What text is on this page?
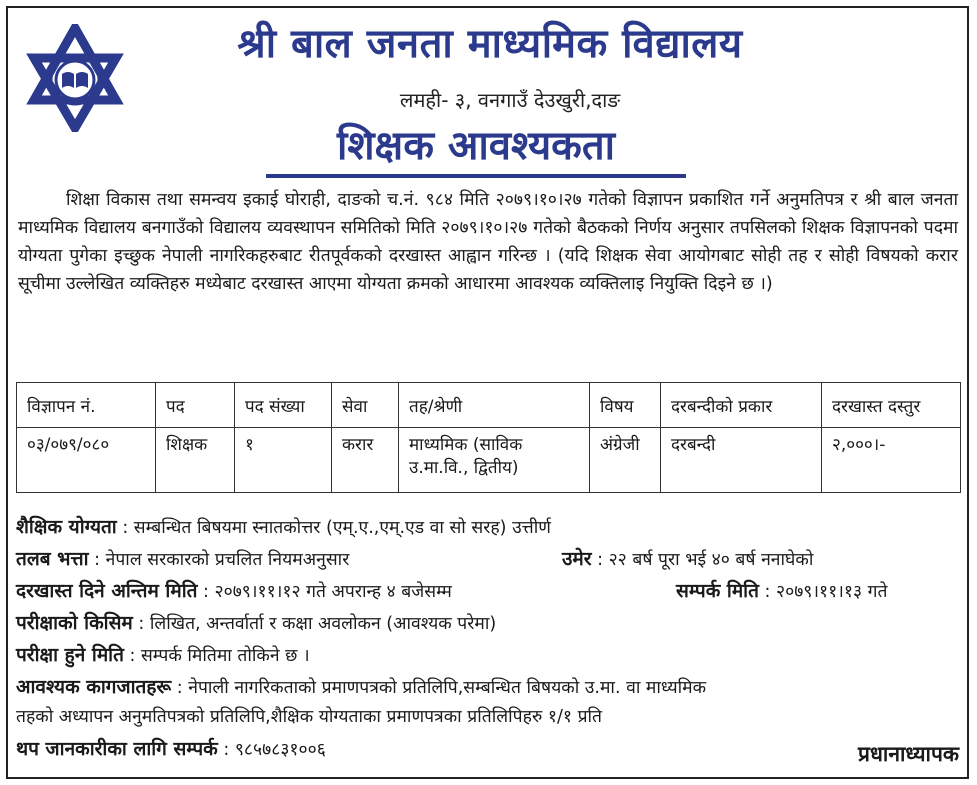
श्री बाल जनता माध्यमिक विद्यालय
लमही- ३, वनगाउँ देउखुरी,दाङ
शिक्षक आवश्यकता
शिक्षा विकास तथा समन्वय इकाई घोराही, दाङको च.नं. ९८४ मिति २०७९।१०।२७ गतेको विज्ञापन प्रकाशित गर्ने अनुमतिपत्र र श्री बाल जनता माध्यमिक विद्यालय बनगाउँको विद्यालय व्यवस्थापन समितिको मिति २०७९।१०।२७ गतेको बैठकको निर्णय अनुसार तपसिलको शिक्षक विज्ञापनको पदमा योग्यता पुगेका इच्छुक नेपाली नागरिकहरुबाट रीतपूर्वकको दरखास्त आह्वान गरिन्छ । (यदि शिक्षक सेवा आयोगबाट सोही तह र सोही विषयको करार सूचीमा उल्लेखित व्यक्तिहरु मध्येबाट दरखास्त आएमा योग्यता क्रमको आधारमा आवश्यक व्यक्तिलाइ नियुक्ति दिइने छ ।)
विज्ञापन नं.	पद	पद संख्या	सेवा	तह/श्रेणी	विषय	दरबन्दीको प्रकार	दरखास्त दस्तुर
०३/०७९/०८०	शिक्षक	१	करार	माध्यमिक (साविक उ.मा.वि., द्वितीय)	अंग्रेजी	दरबन्दी	२,०००।-
शैक्षिक योग्यता : सम्बन्धित बिषयमा स्नातकोत्तर (एम्.ए.,एम्.एड वा सो सरह) उत्तीर्ण
तलब भत्ता : नेपाल सरकारको प्रचलित नियमअनुसार	उमेर : २२ बर्ष पूरा भई ४० बर्ष ननाघेको
दरखास्त दिने अन्तिम मिति : २०७९।११।१२ गते अपरान्ह ४ बजेसम्म	सम्पर्क मिति : २०७९।११।१३ गते
परीक्षाको किसिम : लिखित, अन्तर्वार्ता र कक्षा अवलोकन (आवश्यक परेमा)
परीक्षा हुने मिति : सम्पर्क मितिमा तोकिने छ ।
आवश्यक कागजातहरू : नेपाली नागरिकताको प्रमाणपत्रको प्रतिलिपि,सम्बन्धित बिषयको उ.मा. वा माध्यमिक
तहको अध्यापन अनुमतिपत्रको प्रतिलिपि,शैक्षिक योग्यताका प्रमाणपत्रका प्रतिलिपिहरु १/१ प्रति
थप जानकारीका लागि सम्पर्क : ९८५७८३१००६	प्रधानाध्यापक
